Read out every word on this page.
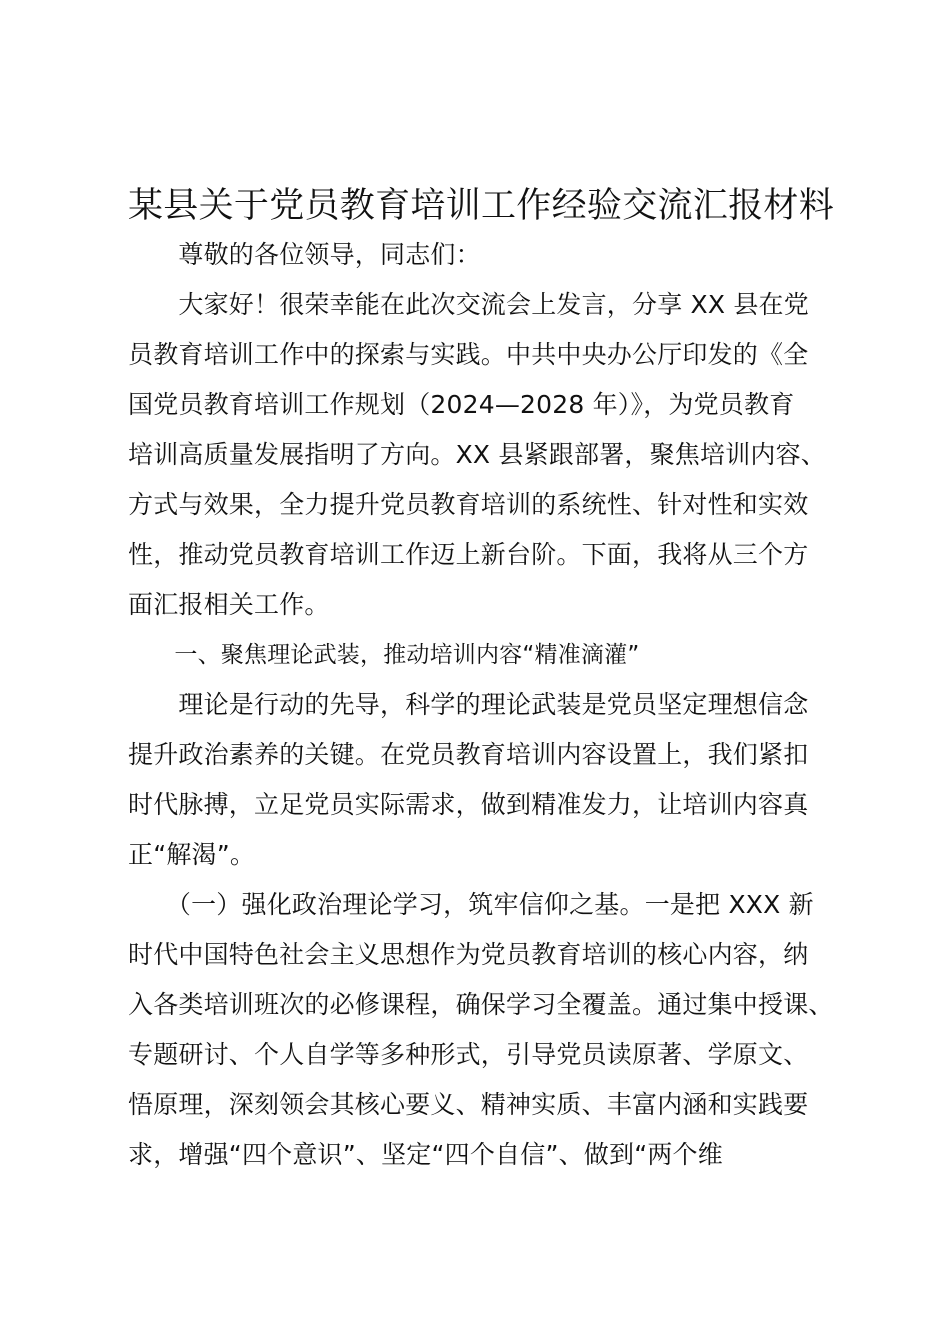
某县关于党员教育培训工作经验交流汇报材料
　　尊敬的各位领导，同志们：
　　大家好！很荣幸能在此次交流会上发言，分享 XX 县在党
员教育培训工作中的探索与实践。中共中央办公厅印发的《全
国党员教育培训工作规划（2024—2028 年）》，为党员教育
培训高质量发展指明了方向。XX 县紧跟部署，聚焦培训内容、
方式与效果，全力提升党员教育培训的系统性、针对性和实效
性，推动党员教育培训工作迈上新台阶。下面，我将从三个方
面汇报相关工作。
　　一、聚焦理论武装，推动培训内容“精准滴灌”
　　理论是行动的先导，科学的理论武装是党员坚定理想信念
提升政治素养的关键。在党员教育培训内容设置上，我们紧扣
时代脉搏，立足党员实际需求，做到精准发力，让培训内容真
正“解渴”。
　　（一）强化政治理论学习，筑牢信仰之基。一是把 XXX 新
时代中国特色社会主义思想作为党员教育培训的核心内容，纳
入各类培训班次的必修课程，确保学习全覆盖。通过集中授课、
专题研讨、个人自学等多种形式，引导党员读原著、学原文、
悟原理，深刻领会其核心要义、精神实质、丰富内涵和实践要
求，增强“四个意识”、坚定“四个自信”、做到“两个维
